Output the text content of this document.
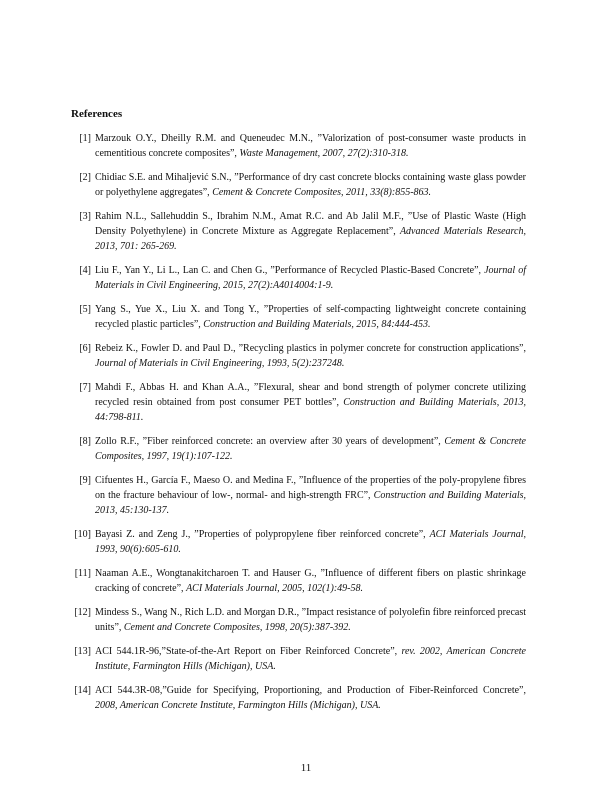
References
[1] Marzouk O.Y., Dheilly R.M. and Queneudec M.N., ”Valorization of post-consumer waste products in cementitious concrete composites”, Waste Management, 2007, 27(2):310-318.
[2] Chidiac S.E. and Mihaljević S.N., ”Performance of dry cast concrete blocks containing waste glass powder or polyethylene aggregates”, Cement & Concrete Composites, 2011, 33(8):855-863.
[3] Rahim N.L., Sallehuddin S., Ibrahim N.M., Amat R.C. and Ab Jalil M.F., ”Use of Plastic Waste (High Density Polyethylene) in Concrete Mixture as Aggregate Replacement”, Advanced Materials Research, 2013, 701: 265-269.
[4] Liu F., Yan Y., Li L., Lan C. and Chen G., ”Performance of Recycled Plastic-Based Concrete”, Journal of Materials in Civil Engineering, 2015, 27(2):A4014004:1-9.
[5] Yang S., Yue X., Liu X. and Tong Y., ”Properties of self-compacting lightweight concrete containing recycled plastic particles”, Construction and Building Materials, 2015, 84:444-453.
[6] Rebeiz K., Fowler D. and Paul D., ”Recycling plastics in polymer concrete for construction applications”, Journal of Materials in Civil Engineering, 1993, 5(2):237248.
[7] Mahdi F., Abbas H. and Khan A.A., ”Flexural, shear and bond strength of polymer concrete utilizing recycled resin obtained from post consumer PET bottles”, Construction and Building Materials, 2013, 44:798-811.
[8] Zollo R.F., ”Fiber reinforced concrete: an overview after 30 years of development”, Cement & Concrete Composites, 1997, 19(1):107-122.
[9] Cifuentes H., García F., Maeso O. and Medina F., ”Influence of the properties of the poly-propylene fibres on the fracture behaviour of low-, normal- and high-strength FRC”, Construction and Building Materials, 2013, 45:130-137.
[10] Bayasi Z. and Zeng J., ”Properties of polypropylene fiber reinforced concrete”, ACI Materials Journal, 1993, 90(6):605-610.
[11] Naaman A.E., Wongtanakitcharoen T. and Hauser G., ”Influence of different fibers on plastic shrinkage cracking of concrete”, ACI Materials Journal, 2005, 102(1):49-58.
[12] Mindess S., Wang N., Rich L.D. and Morgan D.R., ”Impact resistance of polyolefin fibre reinforced precast units”, Cement and Concrete Composites, 1998, 20(5):387-392.
[13] ACI 544.1R-96,”State-of-the-Art Report on Fiber Reinforced Concrete”, rev. 2002, American Concrete Institute, Farmington Hills (Michigan), USA.
[14] ACI 544.3R-08,”Guide for Specifying, Proportioning, and Production of Fiber-Reinforced Concrete”, 2008, American Concrete Institute, Farmington Hills (Michigan), USA.
11
